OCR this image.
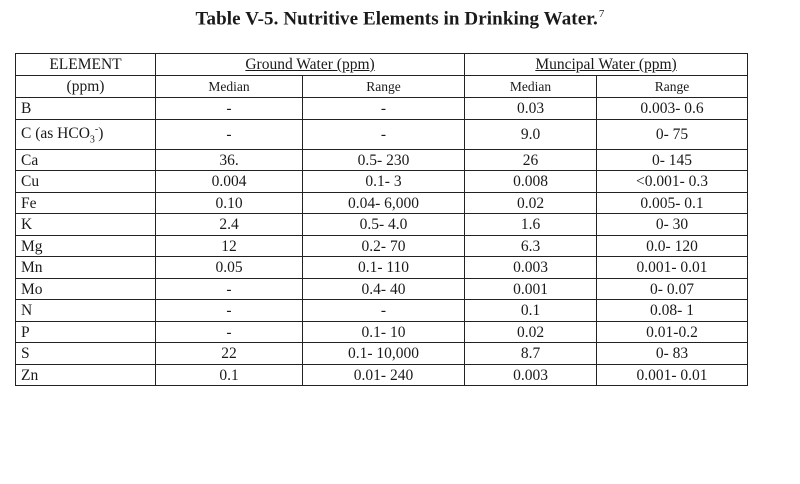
Table V-5. Nutritive Elements in Drinking Water.$^7$
ELEMENT	Ground Water (ppm)		Muncipal Water (ppm)	
(ppm)	Median	Range	Median	Range
B	-	-	0.03	0.003- 0.6
C (as $HCO_3^-$)	-	-	9.0	0- 75
Ca	36.	0.5- 230	26	0- 145
Cu	0.004	0.1- 3	0.008	<0.001- 0.3
Fe	0.10	0.04- 6,000	0.02	0.005- 0.1
K	2.4	0.5- 4.0	1.6	0- 30
Mg	12	0.2- 70	6.3	0.0- 120
Mn	0.05	0.1- 110	0.003	0.001- 0.01
Mo	-	0.4- 40	0.001	0- 0.07
N	-	-	0.1	0.08- 1
P	-	0.1- 10	0.02	0.01-0.2
S	22	0.1- 10,000	8.7	0- 83
Zn	0.1	0.01- 240	0.003	0.001- 0.01
